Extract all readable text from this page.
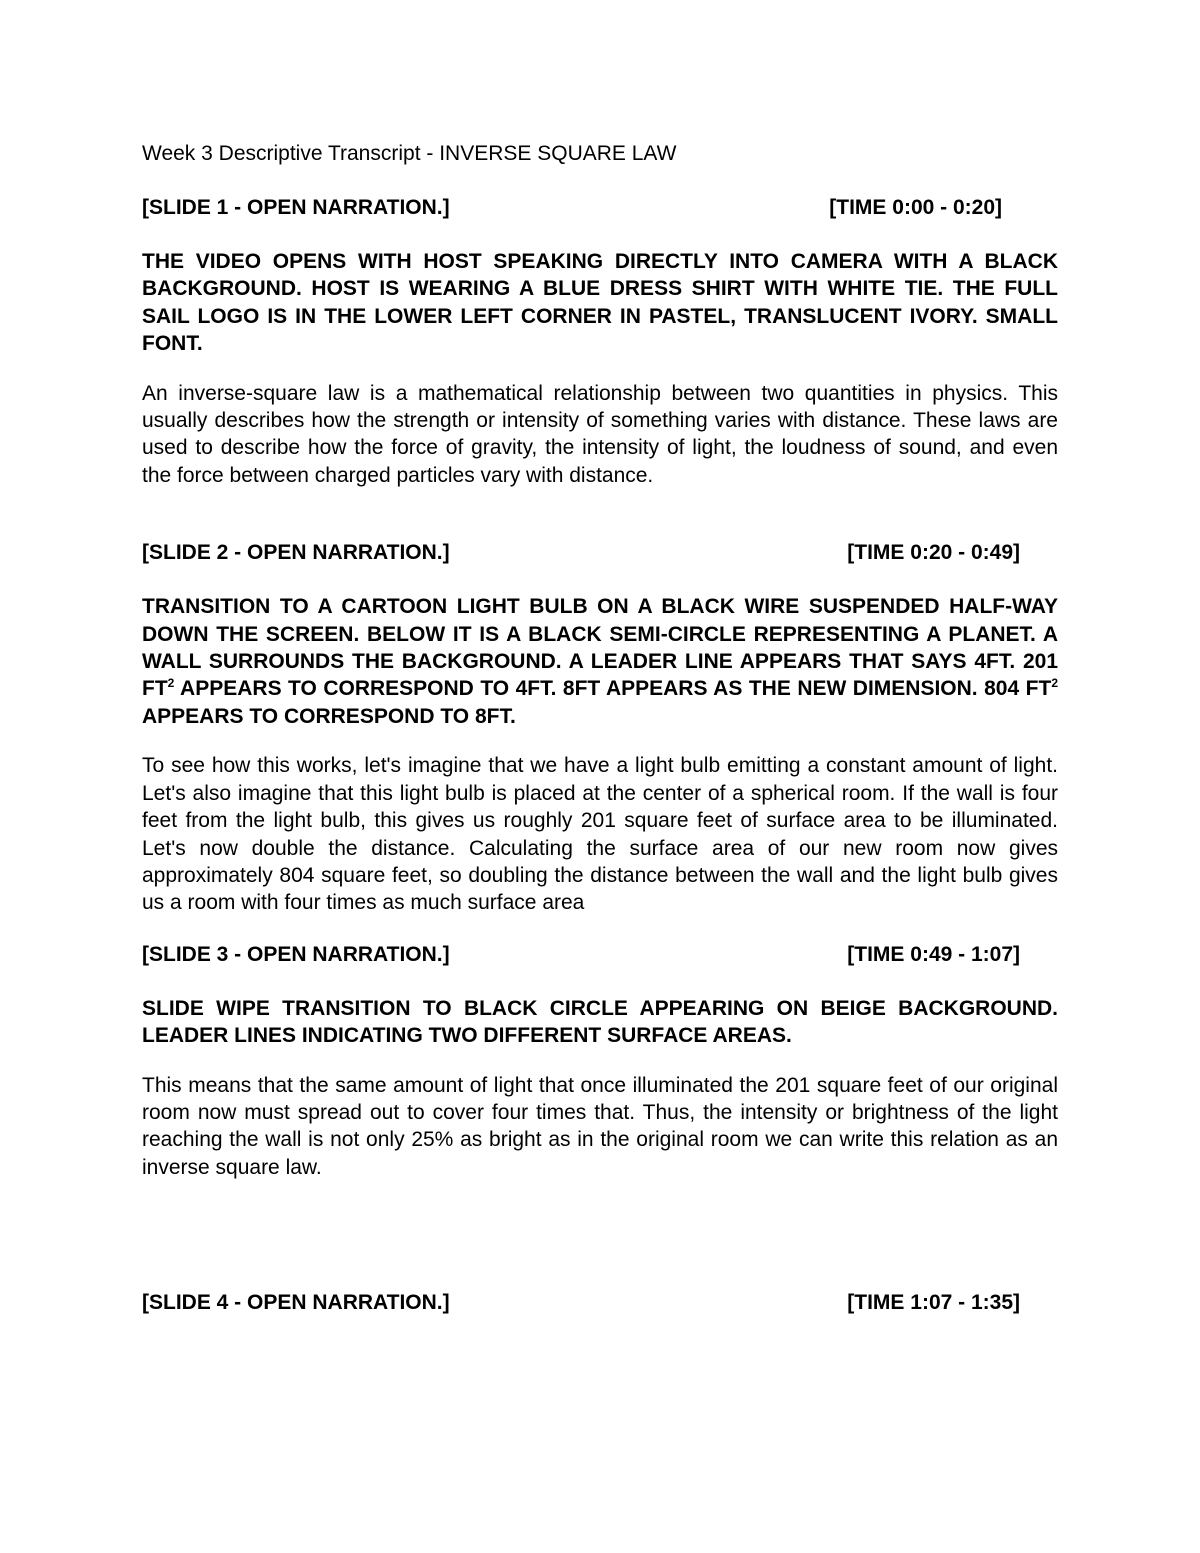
Week 3 Descriptive Transcript - INVERSE SQUARE LAW

[SLIDE 1 - OPEN NARRATION.]	[TIME 0:00 - 0:20]

THE VIDEO OPENS WITH HOST SPEAKING DIRECTLY INTO CAMERA WITH A BLACK BACKGROUND. HOST IS WEARING A BLUE DRESS SHIRT WITH WHITE TIE. THE FULL SAIL LOGO IS IN THE LOWER LEFT CORNER IN PASTEL, TRANSLUCENT IVORY. SMALL FONT.

An inverse-square law is a mathematical relationship between two quantities in physics. This usually describes how the strength or intensity of something varies with distance. These laws are used to describe how the force of gravity, the intensity of light, the loudness of sound, and even the force between charged particles vary with distance.

[SLIDE 2 - OPEN NARRATION.]	[TIME 0:20 - 0:49]

TRANSITION TO A CARTOON LIGHT BULB ON A BLACK WIRE SUSPENDED HALF-WAY DOWN THE SCREEN. BELOW IT IS A BLACK SEMI-CIRCLE REPRESENTING A PLANET. A WALL SURROUNDS THE BACKGROUND. A LEADER LINE APPEARS THAT SAYS 4FT. 201 $FT^2$ APPEARS TO CORRESPOND TO 4FT. 8FT APPEARS AS THE NEW DIMENSION. 804 $FT^2$ APPEARS TO CORRESPOND TO 8FT.

To see how this works, let's imagine that we have a light bulb emitting a constant amount of light. Let's also imagine that this light bulb is placed at the center of a spherical room. If the wall is four feet from the light bulb, this gives us roughly 201 square feet of surface area to be illuminated. Let's now double the distance. Calculating the surface area of our new room now gives approximately 804 square feet, so doubling the distance between the wall and the light bulb gives us a room with four times as much surface area

[SLIDE 3 - OPEN NARRATION.]	[TIME 0:49 - 1:07]

SLIDE WIPE TRANSITION TO BLACK CIRCLE APPEARING ON BEIGE BACKGROUND. LEADER LINES INDICATING TWO DIFFERENT SURFACE AREAS.

This means that the same amount of light that once illuminated the 201 square feet of our original room now must spread out to cover four times that. Thus, the intensity or brightness of the light reaching the wall is not only 25% as bright as in the original room we can write this relation as an inverse square law.

[SLIDE 4 - OPEN NARRATION.]	[TIME 1:07 - 1:35]
